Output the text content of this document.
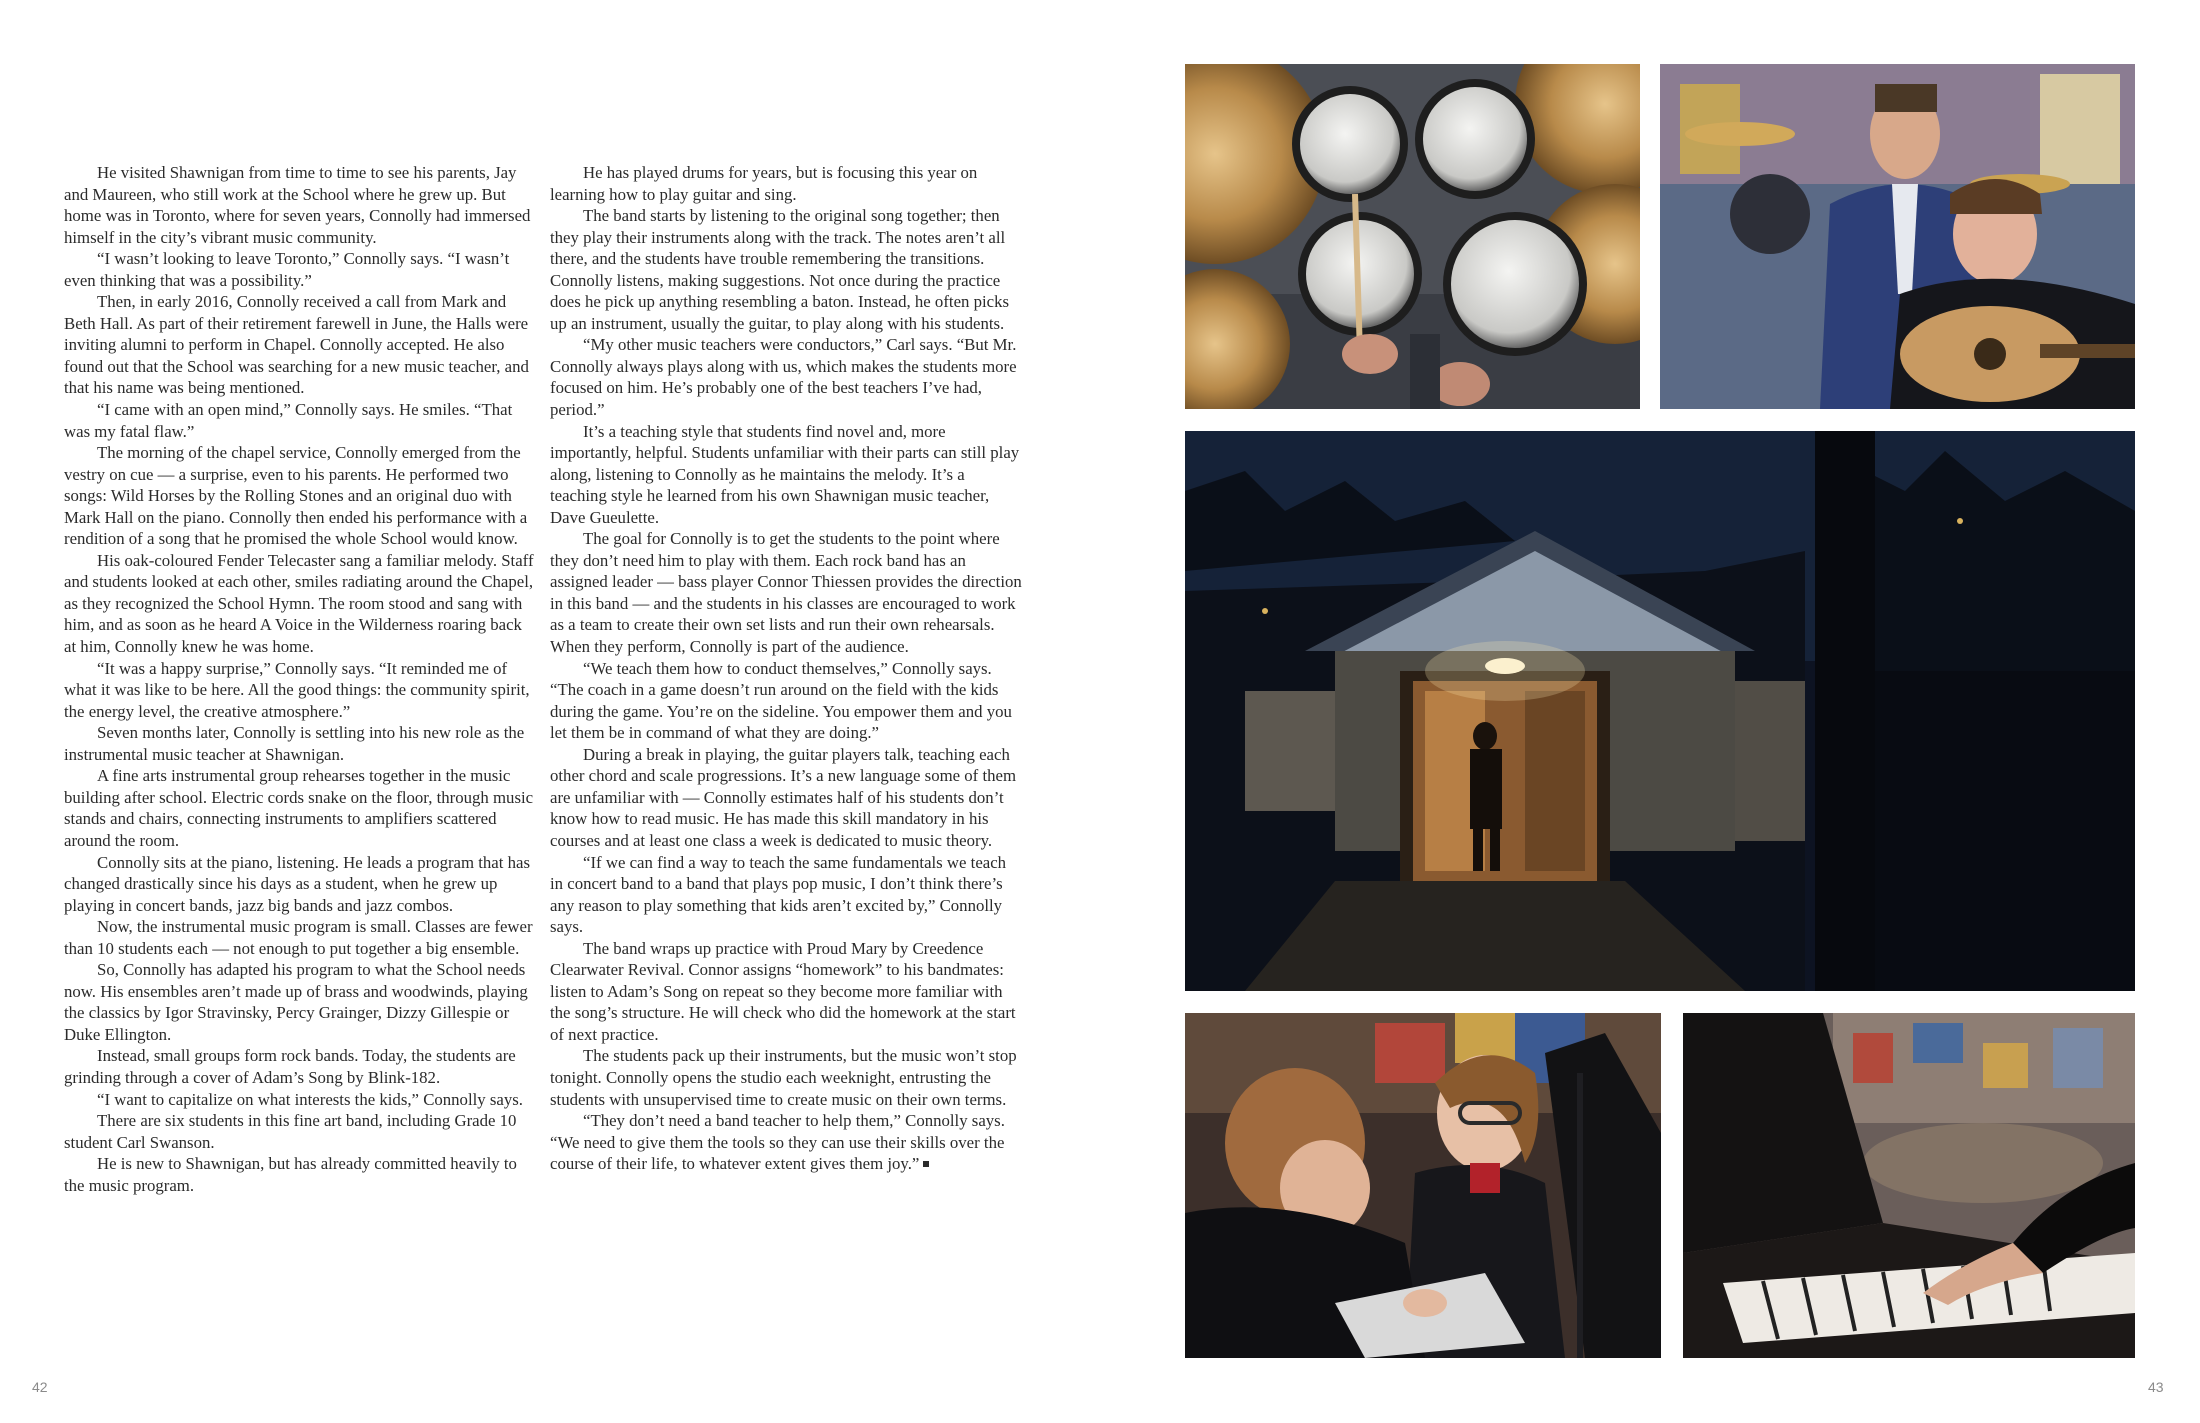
He visited Shawnigan from time to time to see his parents, Jay and Maureen, who still work at the School where he grew up. But home was in Toronto, where for seven years, Connolly had immersed himself in the city’s vibrant music community.

“I wasn’t looking to leave Toronto,” Connolly says. “I wasn’t even thinking that was a possibility.”

Then, in early 2016, Connolly received a call from Mark and Beth Hall. As part of their retirement farewell in June, the Halls were inviting alumni to perform in Chapel. Connolly accepted. He also found out that the School was searching for a new music teacher, and that his name was being mentioned.

“I came with an open mind,” Connolly says. He smiles. “That was my fatal flaw.”

The morning of the chapel service, Connolly emerged from the vestry on cue — a surprise, even to his parents. He performed two songs: Wild Horses by the Rolling Stones and an original duo with Mark Hall on the piano. Connolly then ended his performance with a rendition of a song that he promised the whole School would know.

His oak-coloured Fender Telecaster sang a familiar melody. Staff and students looked at each other, smiles radiating around the Chapel, as they recognized the School Hymn. The room stood and sang with him, and as soon as he heard A Voice in the Wilderness roaring back at him, Connolly knew he was home.

“It was a happy surprise,” Connolly says. “It reminded me of what it was like to be here. All the good things: the community spirit, the energy level, the creative atmosphere.”

Seven months later, Connolly is settling into his new role as the instrumental music teacher at Shawnigan.

A fine arts instrumental group rehearses together in the music building after school. Electric cords snake on the floor, through music stands and chairs, connecting instruments to amplifiers scattered around the room.

Connolly sits at the piano, listening. He leads a program that has changed drastically since his days as a student, when he grew up playing in concert bands, jazz big bands and jazz combos.

Now, the instrumental music program is small. Classes are fewer than 10 students each — not enough to put together a big ensemble.

So, Connolly has adapted his program to what the School needs now. His ensembles aren’t made up of brass and woodwinds, playing the classics by Igor Stravinsky, Percy Grainger, Dizzy Gillespie or Duke Ellington.

Instead, small groups form rock bands. Today, the students are grinding through a cover of Adam’s Song by Blink-182.

“I want to capitalize on what interests the kids,” Connolly says.

There are six students in this fine art band, including Grade 10 student Carl Swanson.

He is new to Shawnigan, but has already committed heavily to the music program.

He has played drums for years, but is focusing this year on learning how to play guitar and sing.

The band starts by listening to the original song together; then they play their instruments along with the track. The notes aren’t all there, and the students have trouble remembering the transitions. Connolly listens, making suggestions. Not once during the practice does he pick up anything resembling a baton. Instead, he often picks up an instrument, usually the guitar, to play along with his students.

“My other music teachers were conductors,” Carl says. “But Mr. Connolly always plays along with us, which makes the students more focused on him. He’s probably one of the best teachers I’ve had, period.”

It’s a teaching style that students find novel and, more importantly, helpful. Students unfamiliar with their parts can still play along, listening to Connolly as he maintains the melody. It’s a teaching style he learned from his own Shawnigan music teacher, Dave Gueulette.

The goal for Connolly is to get the students to the point where they don’t need him to play with them. Each rock band has an assigned leader — bass player Connor Thiessen provides the direction in this band — and the students in his classes are encouraged to work as a team to create their own set lists and run their own rehearsals. When they perform, Connolly is part of the audience.

“We teach them how to conduct themselves,” Connolly says. “The coach in a game doesn’t run around on the field with the kids during the game. You’re on the sideline. You empower them and you let them be in command of what they are doing.”

During a break in playing, the guitar players talk, teaching each other chord and scale progressions. It’s a new language some of them are unfamiliar with — Connolly estimates half of his students don’t know how to read music. He has made this skill mandatory in his courses and at least one class a week is dedicated to music theory.

“If we can find a way to teach the same fundamentals we teach in concert band to a band that plays pop music, I don’t think there’s any reason to play something that kids aren’t excited by,” Connolly says.

The band wraps up practice with Proud Mary by Creedence Clearwater Revival. Connor assigns “homework” to his bandmates: listen to Adam’s Song on repeat so they become more familiar with the song’s structure. He will check who did the homework at the start of next practice.

The students pack up their instruments, but the music won’t stop tonight. Connolly opens the studio each weeknight, entrusting the students with unsupervised time to create music on their own terms.

“They don’t need a band teacher to help them,” Connolly says. “We need to give them the tools so they can use their skills over the course of their life, to whatever extent gives them joy.”

42	43
